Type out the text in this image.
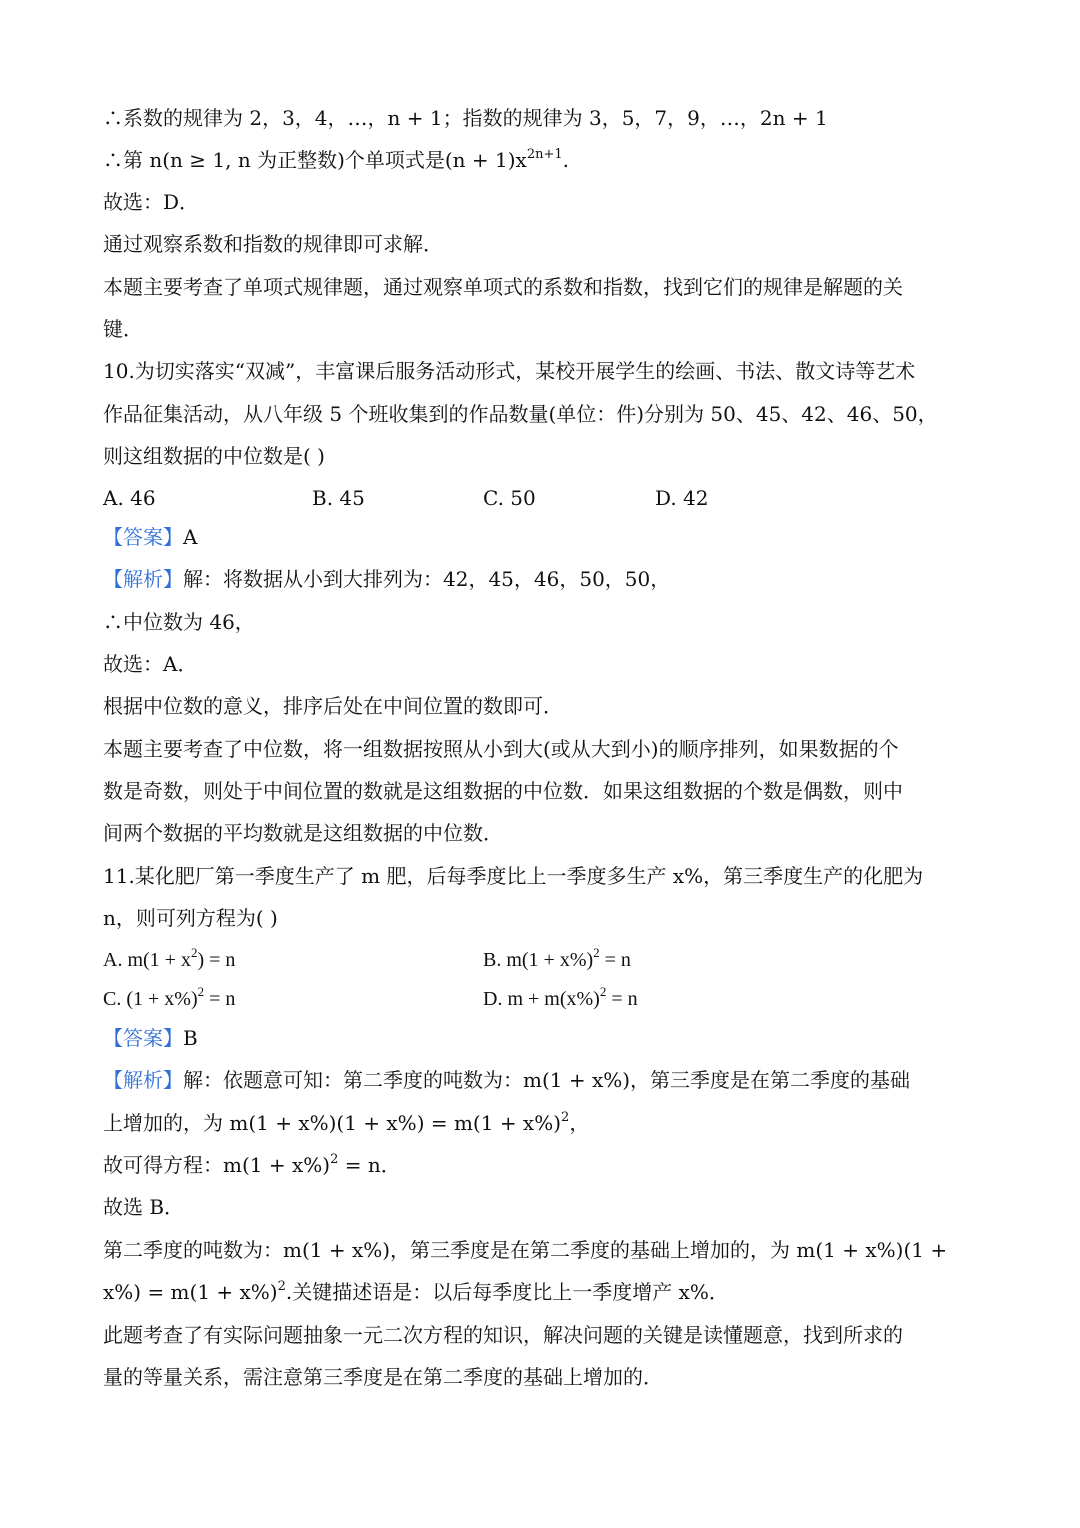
∴系数的规律为 2，3，4，…，n + 1；指数的规律为 3，5，7，9，…，2n + 1
∴第 n(n ≥ 1, n 为正整数)个单项式是$(n + 1)x^{2n+1}$.
故选：D．
通过观察系数和指数的规律即可求解．
本题主要考查了单项式规律题，通过观察单项式的系数和指数，找到它们的规律是解题的关
键．
10.为切实落实“双减”，丰富课后服务活动形式，某校开展学生的绘画、书法、散文诗等艺术
作品征集活动，从八年级 5 个班收集到的作品数量(单位：件)分别为 50、45、42、46、50，
则这组数据的中位数是( )
A. 46	B. 45	C. 50	D. 42
【答案】A
【解析】解：将数据从小到大排列为：42，45，46，50，50，
∴中位数为 46，
故选：A．
根据中位数的意义，排序后处在中间位置的数即可．
本题主要考查了中位数，将一组数据按照从小到大(或从大到小)的顺序排列，如果数据的个
数是奇数，则处于中间位置的数就是这组数据的中位数．如果这组数据的个数是偶数，则中
间两个数据的平均数就是这组数据的中位数．
11.某化肥厂第一季度生产了 m 肥，后每季度比上一季度多生产 x%，第三季度生产的化肥为
n，则可列方程为( )
A. $m(1 + x^2) = n$	B. $m(1 + x\%)^2 = n$
C. $(1 + x\%)^2 = n$	D. $m + m(x\%)^2 = n$
【答案】B
【解析】解：依题意可知：第二季度的吨数为：m(1 + x%)，第三季度是在第二季度的基础
上增加的，为 $m(1 + x\%)(1 + x\%) = m(1 + x\%)^2$，
故可得方程：$m(1 + x\%)^2 = n$．
故选 B．
第二季度的吨数为：m(1 + x%)，第三季度是在第二季度的基础上增加的，为 m(1 + x%)(1 +
$x\%) = m(1 + x\%)^2$.关键描述语是：以后每季度比上一季度增产 x%．
此题考查了有实际问题抽象一元二次方程的知识，解决问题的关键是读懂题意，找到所求的
量的等量关系，需注意第三季度是在第二季度的基础上增加的．
